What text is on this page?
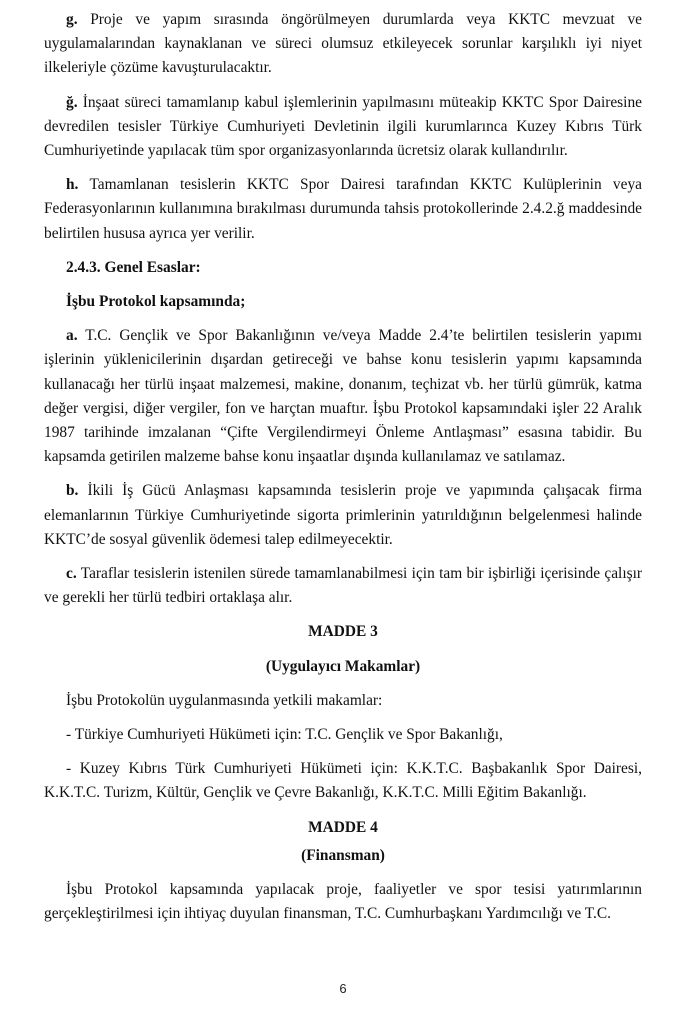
g. Proje ve yapım sırasında öngörülmeyen durumlarda veya KKTC mevzuat ve uygulamalarından kaynaklanan ve süreci olumsuz etkileyecek sorunlar karşılıklı iyi niyet ilkeleriyle çözüme kavuşturulacaktır.

ğ. İnşaat süreci tamamlanıp kabul işlemlerinin yapılmasını müteakip KKTC Spor Dairesine devredilen tesisler Türkiye Cumhuriyeti Devletinin ilgili kurumlarınca Kuzey Kıbrıs Türk Cumhuriyetinde yapılacak tüm spor organizasyonlarında ücretsiz olarak kullandırılır.

h. Tamamlanan tesislerin KKTC Spor Dairesi tarafından KKTC Kulüplerinin veya Federasyonlarının kullanımına bırakılması durumunda tahsis protokollerinde 2.4.2.ğ maddesinde belirtilen hususa ayrıca yer verilir.

2.4.3. Genel Esaslar:

İşbu Protokol kapsamında;

a. T.C. Gençlik ve Spor Bakanlığının ve/veya Madde 2.4’te belirtilen tesislerin yapımı işlerinin yüklenicilerinin dışardan getireceği ve bahse konu tesislerin yapımı kapsamında kullanacağı her türlü inşaat malzemesi, makine, donanım, teçhizat vb. her türlü gümrük, katma değer vergisi, diğer vergiler, fon ve harçtan muaftır. İşbu Protokol kapsamındaki işler 22 Aralık 1987 tarihinde imzalanan “Çifte Vergilendirmeyi Önleme Antlaşması” esasına tabidir. Bu kapsamda getirilen malzeme bahse konu inşaatlar dışında kullanılamaz ve satılamaz.

b. İkili İş Gücü Anlaşması kapsamında tesislerin proje ve yapımında çalışacak firma elemanlarının Türkiye Cumhuriyetinde sigorta primlerinin yatırıldığının belgelenmesi halinde KKTC’de sosyal güvenlik ödemesi talep edilmeyecektir.

c. Taraflar tesislerin istenilen sürede tamamlanabilmesi için tam bir işbirliği içerisinde çalışır ve gerekli her türlü tedbiri ortaklaşa alır.

MADDE 3

(Uygulayıcı Makamlar)

İşbu Protokolün uygulanmasında yetkili makamlar:

- Türkiye Cumhuriyeti Hükümeti için: T.C. Gençlik ve Spor Bakanlığı,

- Kuzey Kıbrıs Türk Cumhuriyeti Hükümeti için: K.K.T.C. Başbakanlık Spor Dairesi, K.K.T.C. Turizm, Kültür, Gençlik ve Çevre Bakanlığı, K.K.T.C. Milli Eğitim Bakanlığı.

MADDE 4

(Finansman)

İşbu Protokol kapsamında yapılacak proje, faaliyetler ve spor tesisi yatırımlarının gerçekleştirilmesi için ihtiyaç duyulan finansman, T.C. Cumhurbaşkanı Yardımcılığı ve T.C.

6
